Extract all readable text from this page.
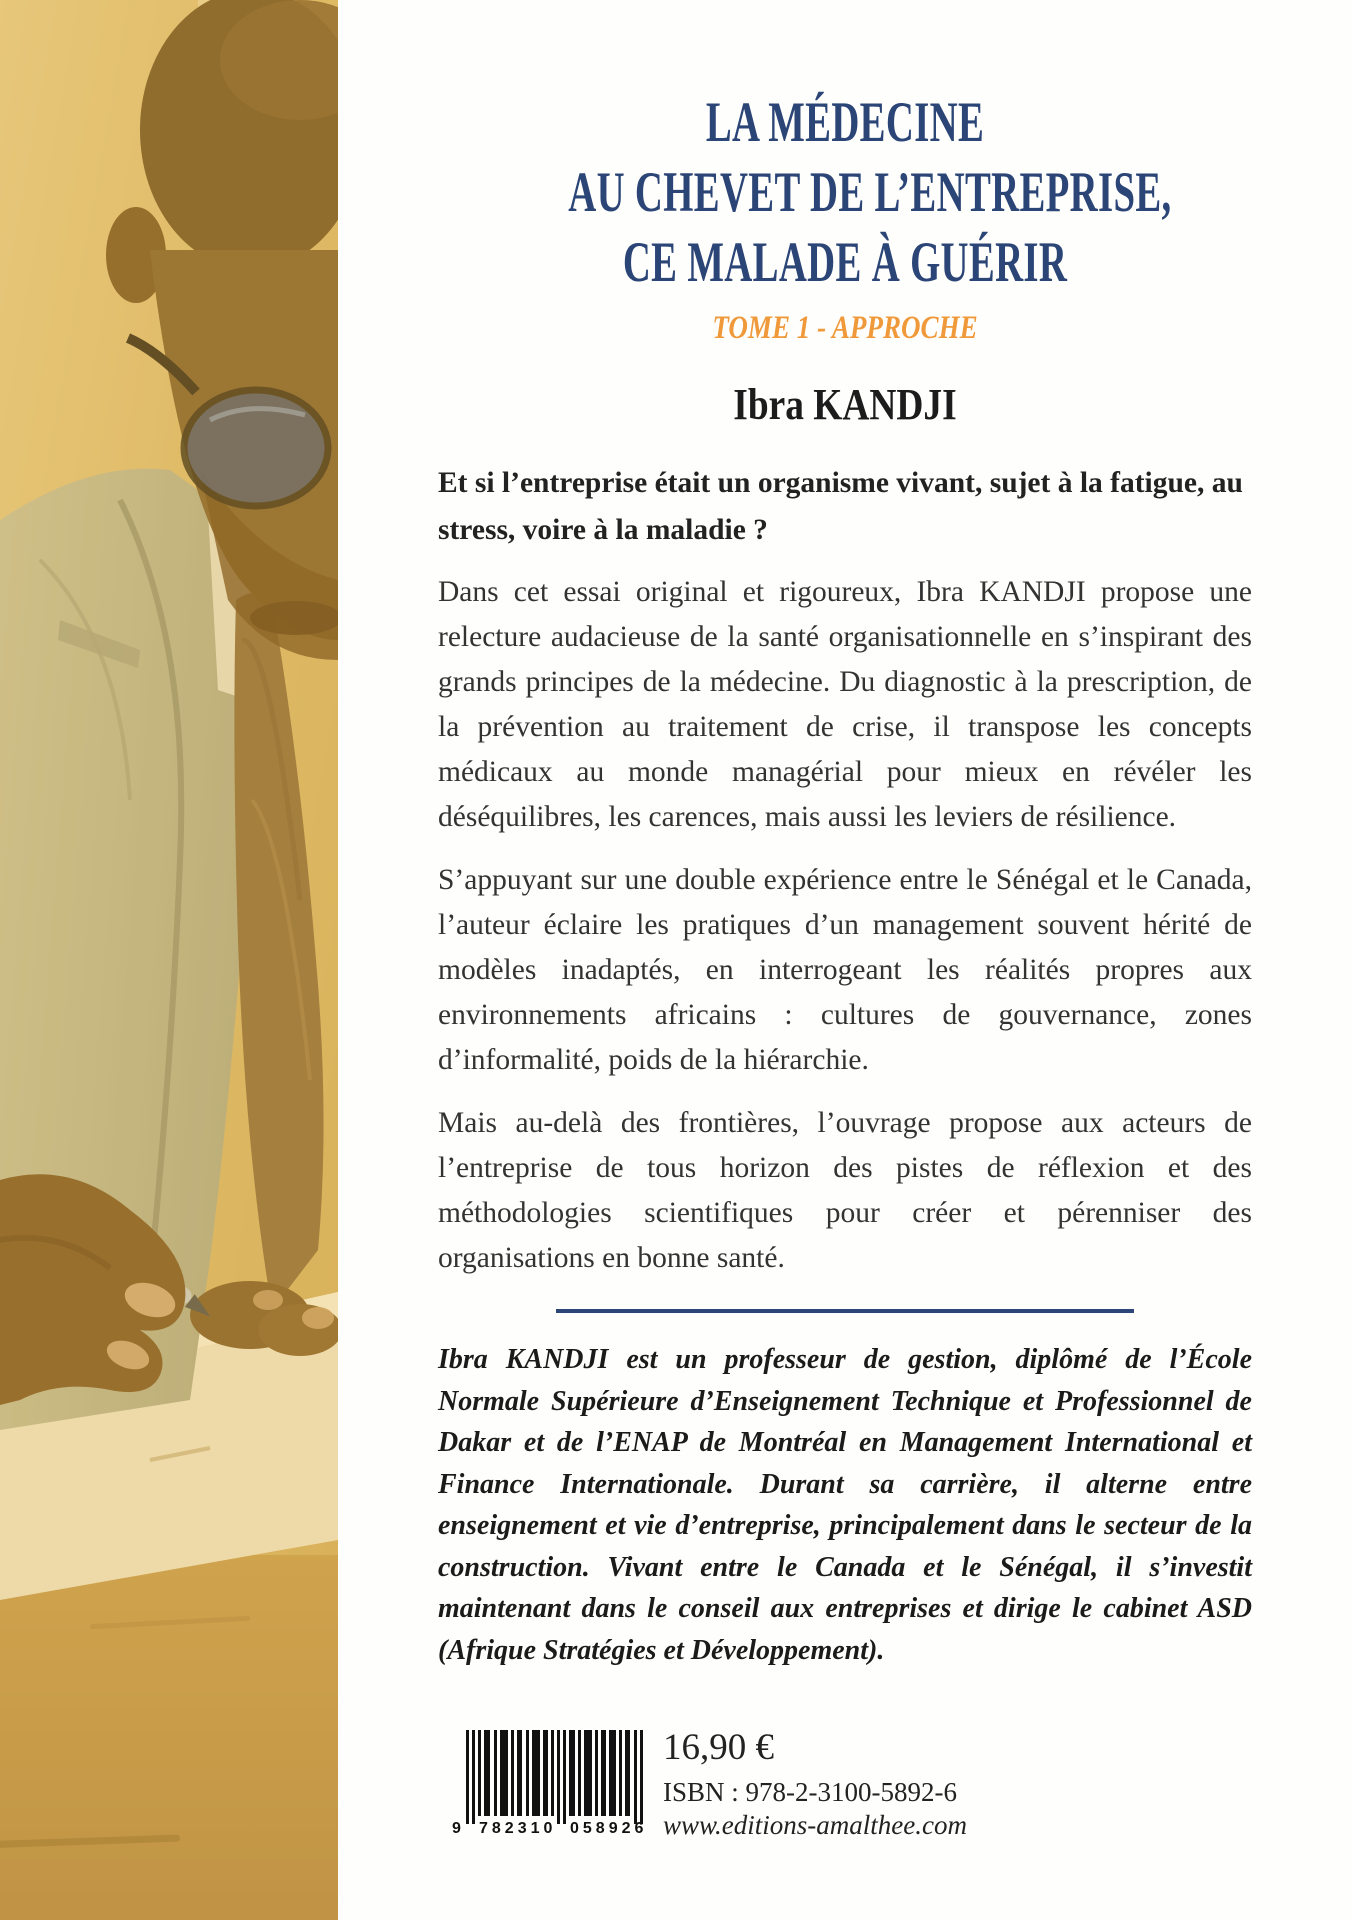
LA MÉDECINE
AU CHEVET DE L’ENTREPRISE,
CE MALADE À GUÉRIR
TOME 1 - APPROCHE
Ibra KANDJI
Et si l’entreprise était un organisme vivant, sujet à la fatigue, au stress, voire à la maladie ?

Dans cet essai original et rigoureux, Ibra KANDJI propose une relecture audacieuse de la santé organisationnelle en s’inspirant des grands principes de la médecine. Du diagnostic à la prescription, de la prévention au traitement de crise, il transpose les concepts médicaux au monde managérial pour mieux en révéler les déséquilibres, les carences, mais aussi les leviers de résilience.

S’appuyant sur une double expérience entre le Sénégal et le Canada, l’auteur éclaire les pratiques d’un management souvent hérité de modèles inadaptés, en interrogeant les réalités propres aux environnements africains : cultures de gouvernance, zones d’informalité, poids de la hiérarchie.

Mais au-delà des frontières, l’ouvrage propose aux acteurs de l’entreprise de tous horizon des pistes de réflexion et des méthodologies scientifiques pour créer et pérenniser des organisations en bonne santé.

Ibra KANDJI est un professeur de gestion, diplômé de l’École Normale Supérieure d’Enseignement Technique et Professionnel de Dakar et de l’ENAP de Montréal en Management International et Finance Internationale. Durant sa carrière, il alterne entre enseignement et vie d’entreprise, principalement dans le secteur de la construction. Vivant entre le Canada et le Sénégal, il s’investit maintenant dans le conseil aux entreprises et dirige le cabinet ASD (Afrique Stratégies et Développement).

9 782310 058926
16,90 €
ISBN : 978-2-3100-5892-6
www.editions-amalthee.com
